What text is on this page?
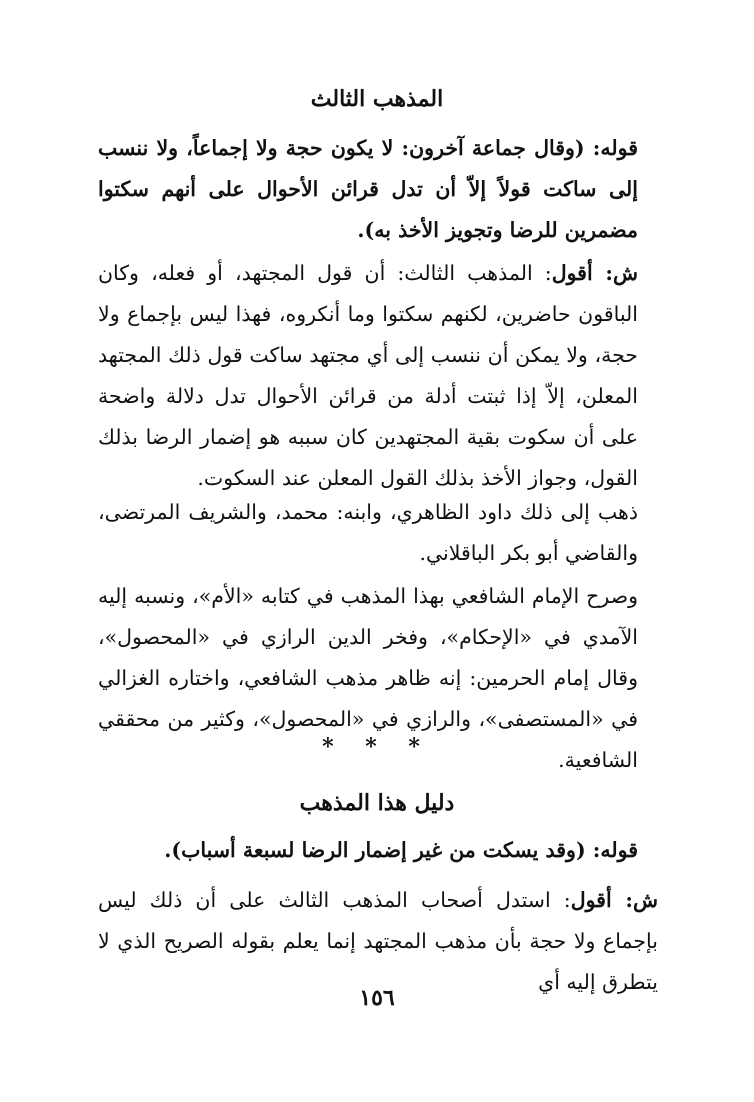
المذهب الثالث
قوله: (وقال جماعة آخرون: لا يكون حجة ولا إجماعاً، ولا ننسب إلى ساكت قولاً إلاّ أن تدل قرائن الأحوال على أنهم سكتوا مضمرين للرضا وتجويز الأخذ به).
ش: أقول: المذهب الثالث: أن قول المجتهد، أو فعله، وكان الباقون حاضرين، لكنهم سكتوا وما أنكروه، فهذا ليس بإجماع ولا حجة، ولا يمكن أن ننسب إلى أي مجتهد ساكت قول ذلك المجتهد المعلن، إلاّ إذا ثبتت أدلة من قرائن الأحوال تدل دلالة واضحة على أن سكوت بقية المجتهدين كان سببه هو إضمار الرضا بذلك القول، وجواز الأخذ بذلك القول المعلن عند السكوت.
ذهب إلى ذلك داود الظاهري، وابنه: محمد، والشريف المرتضى، والقاضي أبو بكر الباقلاني.
وصرح الإمام الشافعي بهذا المذهب في كتابه «الأم»، ونسبه إليه الآمدي في «الإحكام»، وفخر الدين الرازي في «المحصول»، وقال إمام الحرمين: إنه ظاهر مذهب الشافعي، واختاره الغزالي في «المستصفى»، والرازي في «المحصول»، وكثير من محققي الشافعية.
* * *
دليل هذا المذهب
قوله: (وقد يسكت من غير إضمار الرضا لسبعة أسباب).
ش: أقول: استدل أصحاب المذهب الثالث على أن ذلك ليس بإجماع ولا حجة بأن مذهب المجتهد إنما يعلم بقوله الصريح الذي لا يتطرق إليه أي
١٥٦
